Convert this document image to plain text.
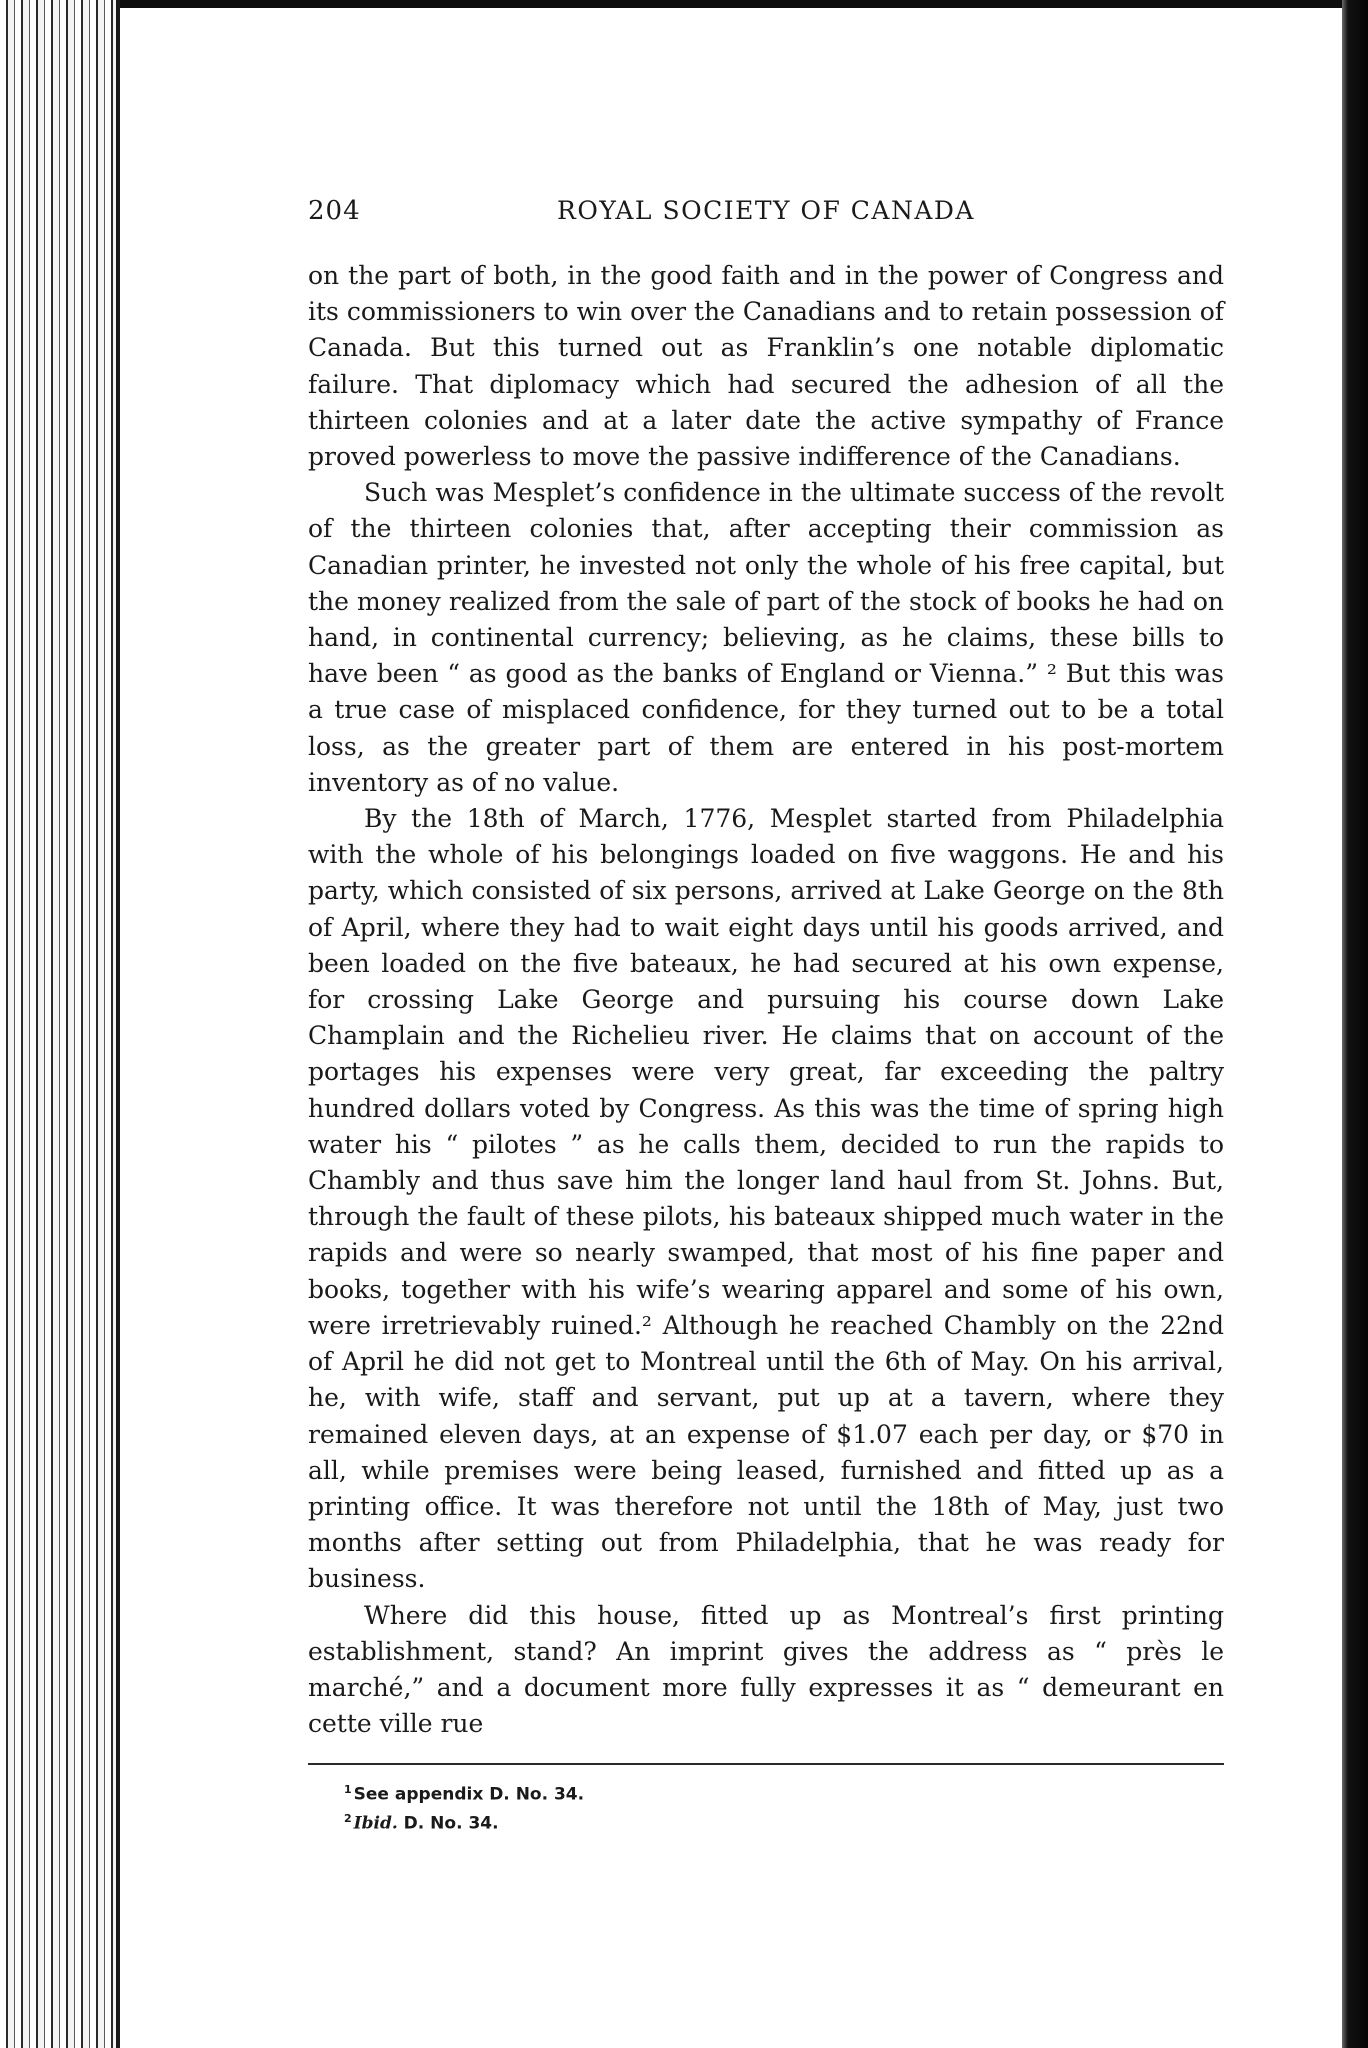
204	ROYAL SOCIETY OF CANADA

on the part of both, in the good faith and in the power of Congress and its commissioners to win over the Canadians and to retain possession of Canada. But this turned out as Franklin’s one notable diplomatic failure. That diplomacy which had secured the adhesion of all the thirteen colonies and at a later date the active sympathy of France proved powerless to move the passive indifference of the Canadians.

Such was Mesplet’s confidence in the ultimate success of the revolt of the thirteen colonies that, after accepting their commission as Canadian printer, he invested not only the whole of his free capital, but the money realized from the sale of part of the stock of books he had on hand, in continental currency; believing, as he claims, these bills to have been “ as good as the banks of England or Vienna.” ² But this was a true case of misplaced confidence, for they turned out to be a total loss, as the greater part of them are entered in his post-mortem inventory as of no value.

By the 18th of March, 1776, Mesplet started from Philadelphia with the whole of his belongings loaded on five waggons. He and his party, which consisted of six persons, arrived at Lake George on the 8th of April, where they had to wait eight days until his goods arrived, and been loaded on the five bateaux, he had secured at his own expense, for crossing Lake George and pursuing his course down Lake Champlain and the Richelieu river. He claims that on account of the portages his expenses were very great, far exceeding the paltry hundred dollars voted by Congress. As this was the time of spring high water his “ pilotes ” as he calls them, decided to run the rapids to Chambly and thus save him the longer land haul from St. Johns. But, through the fault of these pilots, his bateaux shipped much water in the rapids and were so nearly swamped, that most of his fine paper and books, together with his wife’s wearing apparel and some of his own, were irretrievably ruined.² Although he reached Chambly on the 22nd of April he did not get to Montreal until the 6th of May. On his arrival, he, with wife, staff and servant, put up at a tavern, where they remained eleven days, at an expense of $1.07 each per day, or $70 in all, while premises were being leased, furnished and fitted up as a printing office. It was therefore not until the 18th of May, just two months after setting out from Philadelphia, that he was ready for business.

Where did this house, fitted up as Montreal’s first printing establishment, stand? An imprint gives the address as “ près le marché,” and a document more fully expresses it as “ demeurant en cette ville rue

$^1$ See appendix D. No. 34.
$^2$ Ibid. D. No. 34.
